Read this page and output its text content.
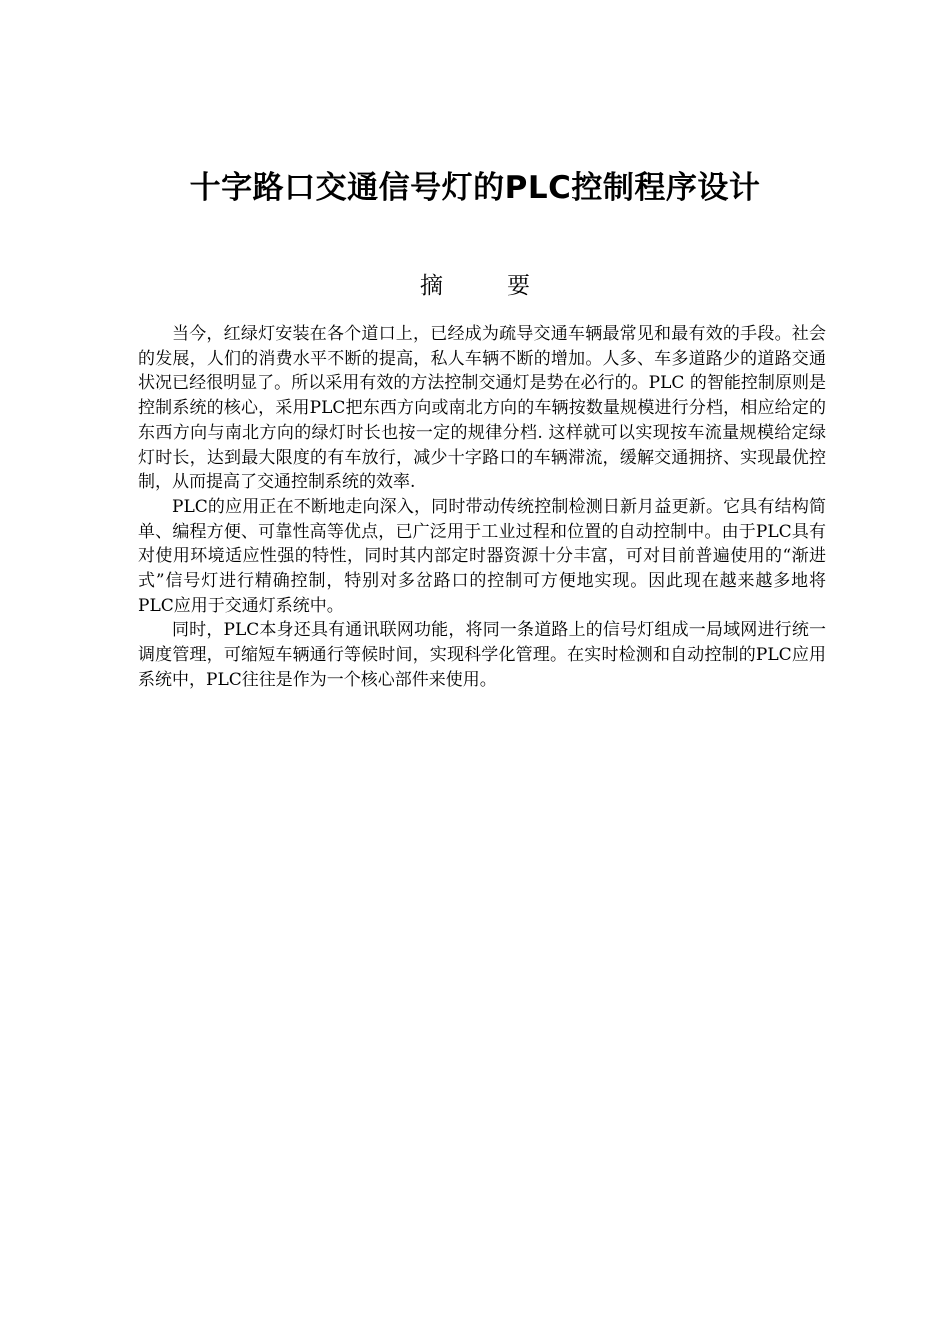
十字路口交通信号灯的PLC控制程序设计
摘要

当今，红绿灯安装在各个道口上，已经成为疏导交通车辆最常见和最有效的手段。社会的发展，人们的消费水平不断的提高，私人车辆不断的增加。人多、车多道路少的道路交通状况已经很明显了。所以采用有效的方法控制交通灯是势在必行的。PLC 的智能控制原则是控制系统的核心，采用PLC把东西方向或南北方向的车辆按数量规模进行分档，相应给定的东西方向与南北方向的绿灯时长也按一定的规律分档. 这样就可以实现按车流量规模给定绿灯时长，达到最大限度的有车放行，减少十字路口的车辆滞流，缓解交通拥挤、实现最优控制，从而提高了交通控制系统的效率.

PLC的应用正在不断地走向深入，同时带动传统控制检测日新月益更新。它具有结构简单、编程方便、可靠性高等优点，已广泛用于工业过程和位置的自动控制中。由于PLC具有对使用环境适应性强的特性，同时其内部定时器资源十分丰富，可对目前普遍使用的“渐进式”信号灯进行精确控制，特别对多岔路口的控制可方便地实现。因此现在越来越多地将PLC应用于交通灯系统中。

同时，PLC本身还具有通讯联网功能，将同一条道路上的信号灯组成一局域网进行统一调度管理，可缩短车辆通行等候时间，实现科学化管理。在实时检测和自动控制的PLC应用系统中，PLC往往是作为一个核心部件来使用。
